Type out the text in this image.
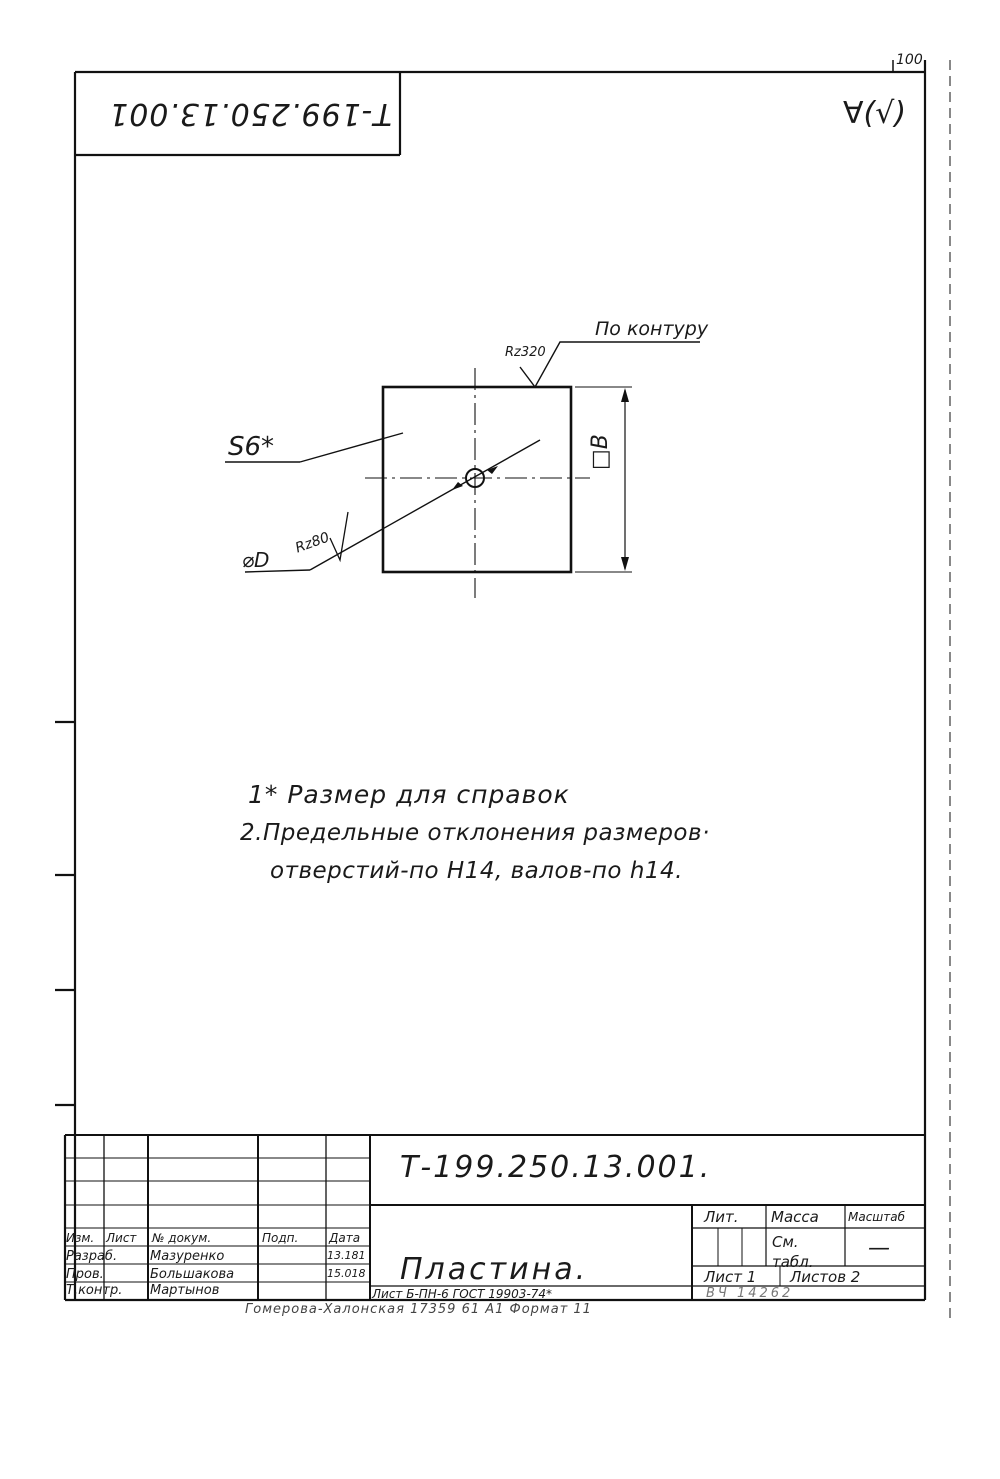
100
Т-199.250.13.001	∀(√)
По контуру
Rz320
S6*
⌀D
Rz80
□B
1* Размер для справок
2.Предельные отклонения размеров·
отверстий-по Н14, валов-по h14.
Т-199.250.13.001.
Пластина.
Изм. Лист № докум.	Подп.	Дата
Разраб.	Мазуренко	13.181
Пров.	Большакова	15.018
Т.контр. Мартынов
Лит. Масса Масштаб
См. табл.
—
Лист 1 Листов 2
Лист Б-ПН-6 ГОСТ 19903-74*	ВЧ 14262
Гомерова-Халонская 17359 61 А1 Формат 11
